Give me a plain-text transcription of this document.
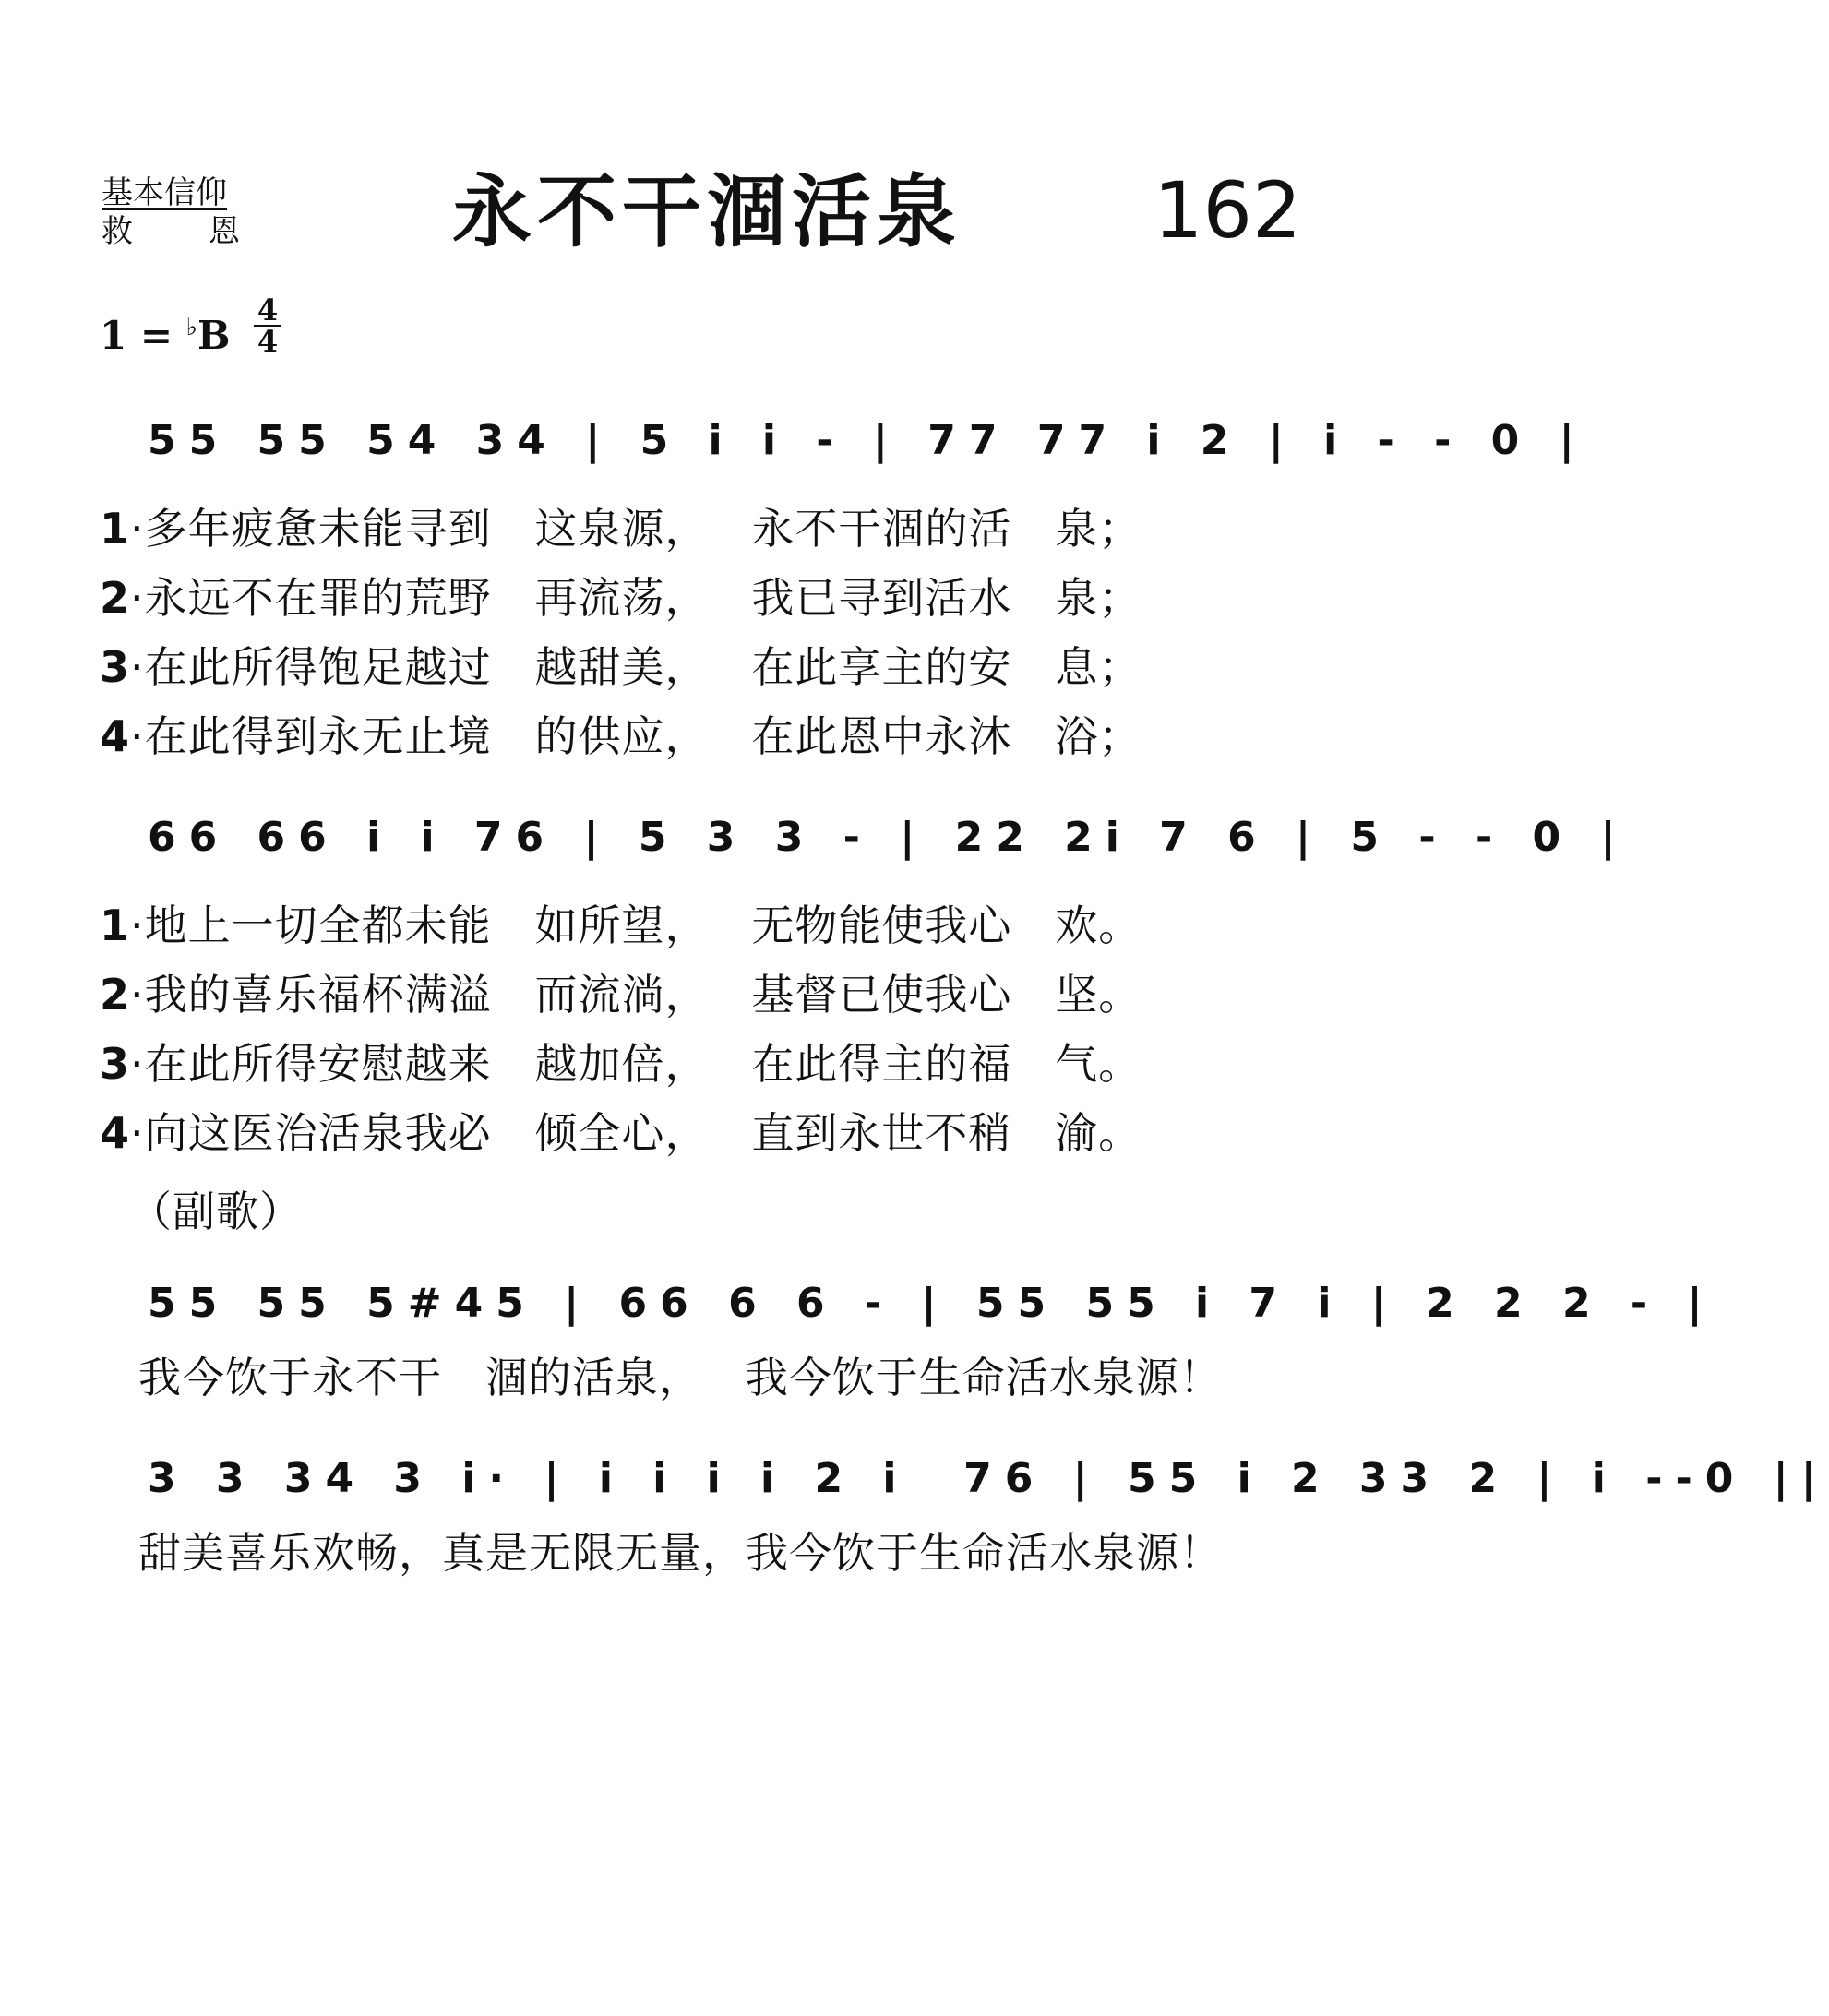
基本信仰
救 恩	永不干涸活泉 162
1 = ♭B
4
4
55 55 54 34 | 5 i i - | 77 77 i 2 | i - - 0 |
1·多年疲惫未能寻到   这泉源，   永不干涸的活   泉；
2·永远不在罪的荒野   再流荡，   我已寻到活水   泉；
3·在此所得饱足越过   越甜美，   在此享主的安   息；
4·在此得到永无止境   的供应，   在此恩中永沐   浴；
66 66 i i 76 | 5 3 3 - | 22 2i 7 6 | 5 - - 0 |
1·地上一切全都未能   如所望，   无物能使我心   欢。
2·我的喜乐福杯满溢   而流淌，   基督已使我心   坚。
3·在此所得安慰越来   越加倍，   在此得主的福   气。
4·向这医治活泉我必   倾全心，   直到永世不稍   渝。
（副歌）
55 55 5#45 | 66 6 6 - | 55 55 i 7 i | 2 2 2 - |
我今饮于永不干   涸的活泉，   我今饮于生命活水泉源！
3 3 34 3 i· | i i i i 2 i  76 | 55 i 2 33 2 | i --0 ||
甜美喜乐欢畅，真是无限无量，我今饮于生命活水泉源！
